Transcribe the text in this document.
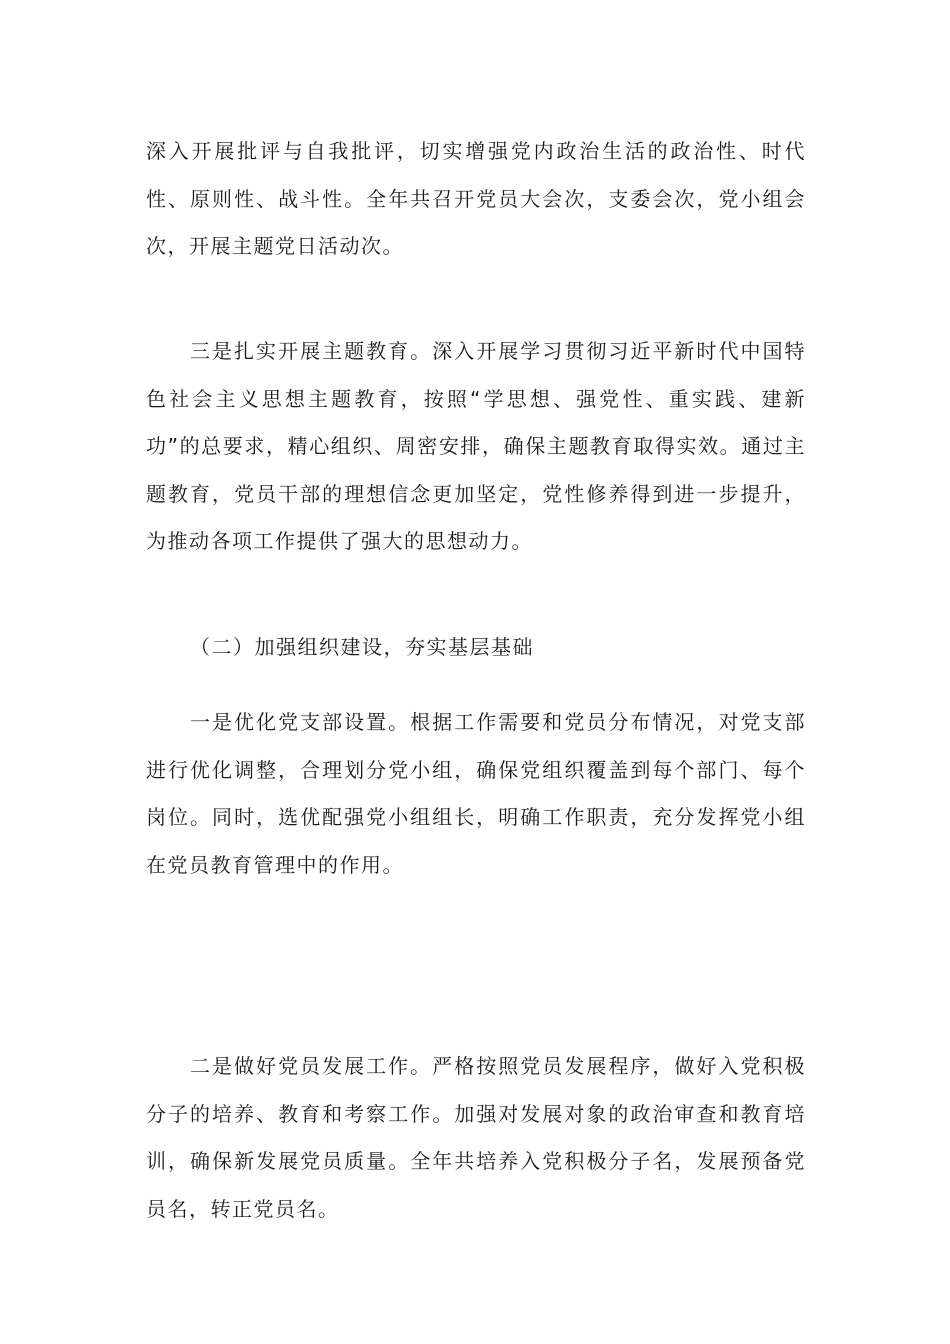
深入开展批评与自我批评，切实增强党内政治生活的政治性、时代性、原则性、战斗性。全年共召开党员大会次，支委会次，党小组会次，开展主题党日活动次。

三是扎实开展主题教育。深入开展学习贯彻习近平新时代中国特色社会主义思想主题教育，按照“学思想、强党性、重实践、建新功”的总要求，精心组织、周密安排，确保主题教育取得实效。通过主题教育，党员干部的理想信念更加坚定，党性修养得到进一步提升，为推动各项工作提供了强大的思想动力。

（二）加强组织建设，夯实基层基础

一是优化党支部设置。根据工作需要和党员分布情况，对党支部进行优化调整，合理划分党小组，确保党组织覆盖到每个部门、每个岗位。同时，选优配强党小组组长，明确工作职责，充分发挥党小组在党员教育管理中的作用。

二是做好党员发展工作。严格按照党员发展程序，做好入党积极分子的培养、教育和考察工作。加强对发展对象的政治审查和教育培训，确保新发展党员质量。全年共培养入党积极分子名，发展预备党员名，转正党员名。
